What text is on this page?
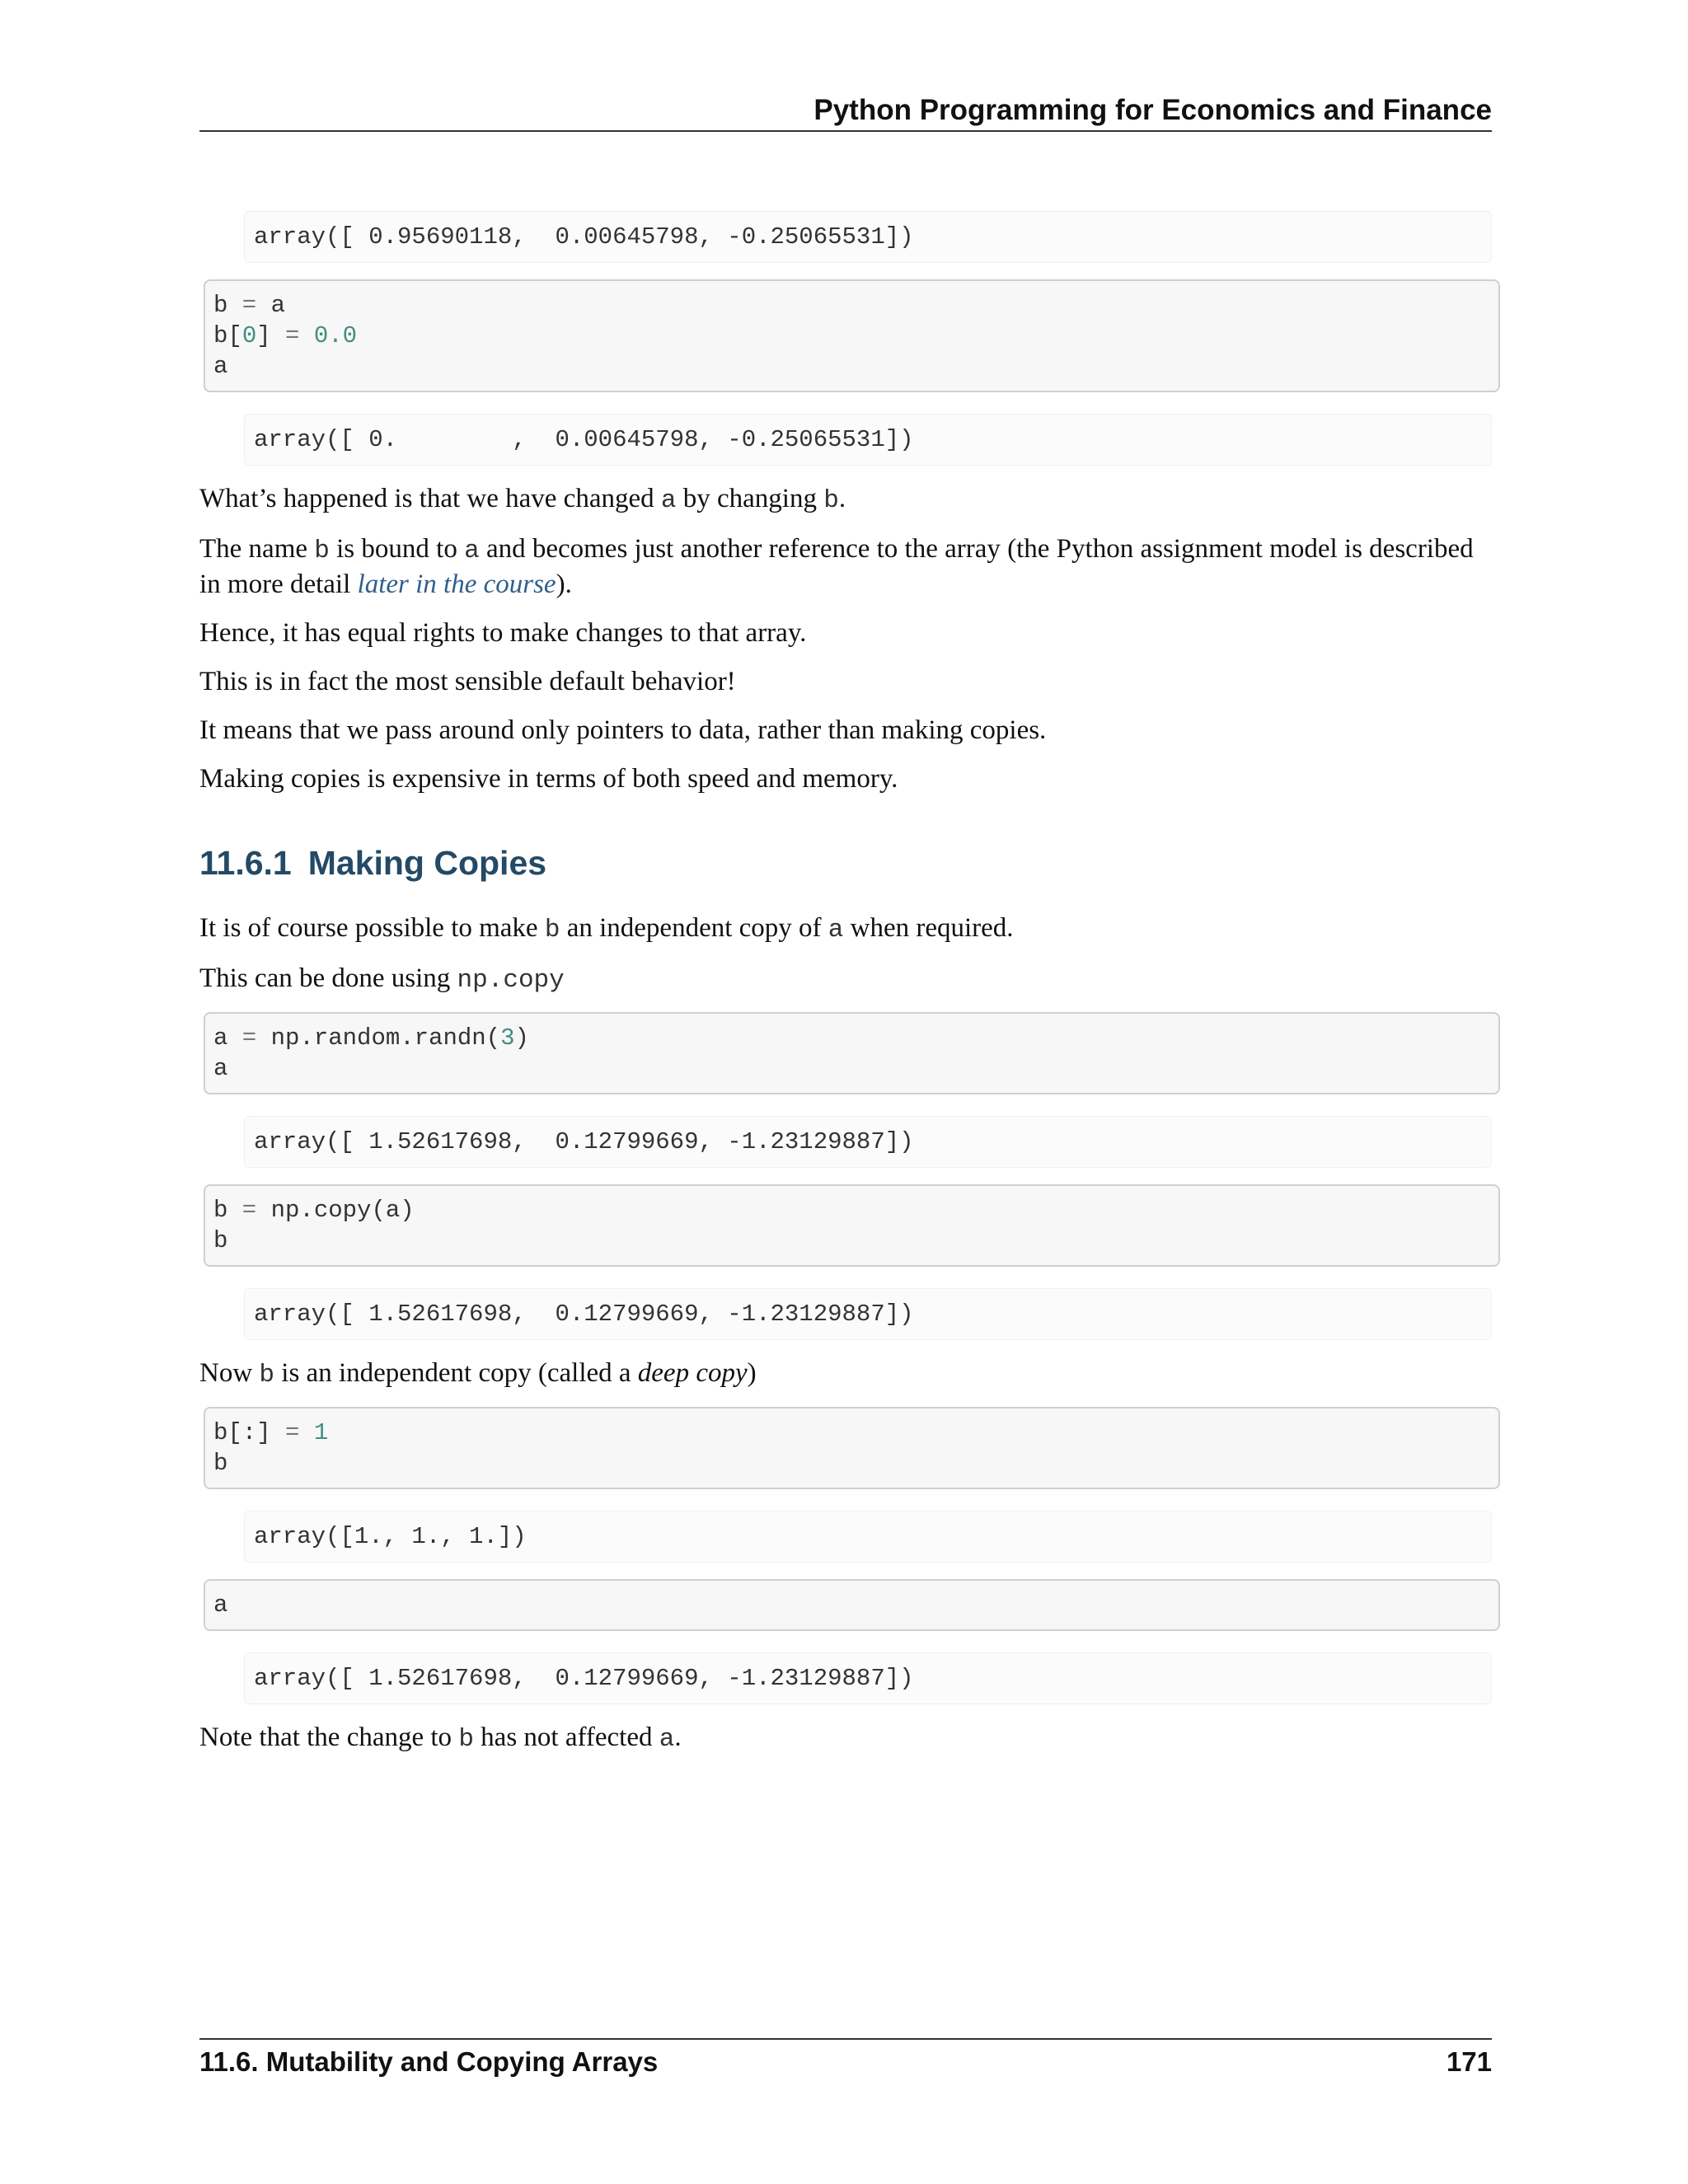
Python Programming for Economics and Finance
array([ 0.95690118,  0.00645798, -0.25065531])
b = a
b[0] = 0.0
a
array([ 0.        ,  0.00645798, -0.25065531])

What’s happened is that we have changed a by changing b.

The name b is bound to a and becomes just another reference to the array (the Python assignment model is described in more detail later in the course).

Hence, it has equal rights to make changes to that array.

This is in fact the most sensible default behavior!

It means that we pass around only pointers to data, rather than making copies.

Making copies is expensive in terms of both speed and memory.

11.6.1 Making Copies

It is of course possible to make b an independent copy of a when required.

This can be done using np.copy

a = np.random.randn(3)
a
array([ 1.52617698,  0.12799669, -1.23129887])
b = np.copy(a)
b
array([ 1.52617698,  0.12799669, -1.23129887])

Now b is an independent copy (called a deep copy)

b[:] = 1
b
array([1., 1., 1.])
a
array([ 1.52617698,  0.12799669, -1.23129887])

Note that the change to b has not affected a.

11.6. Mutability and Copying Arrays	171
